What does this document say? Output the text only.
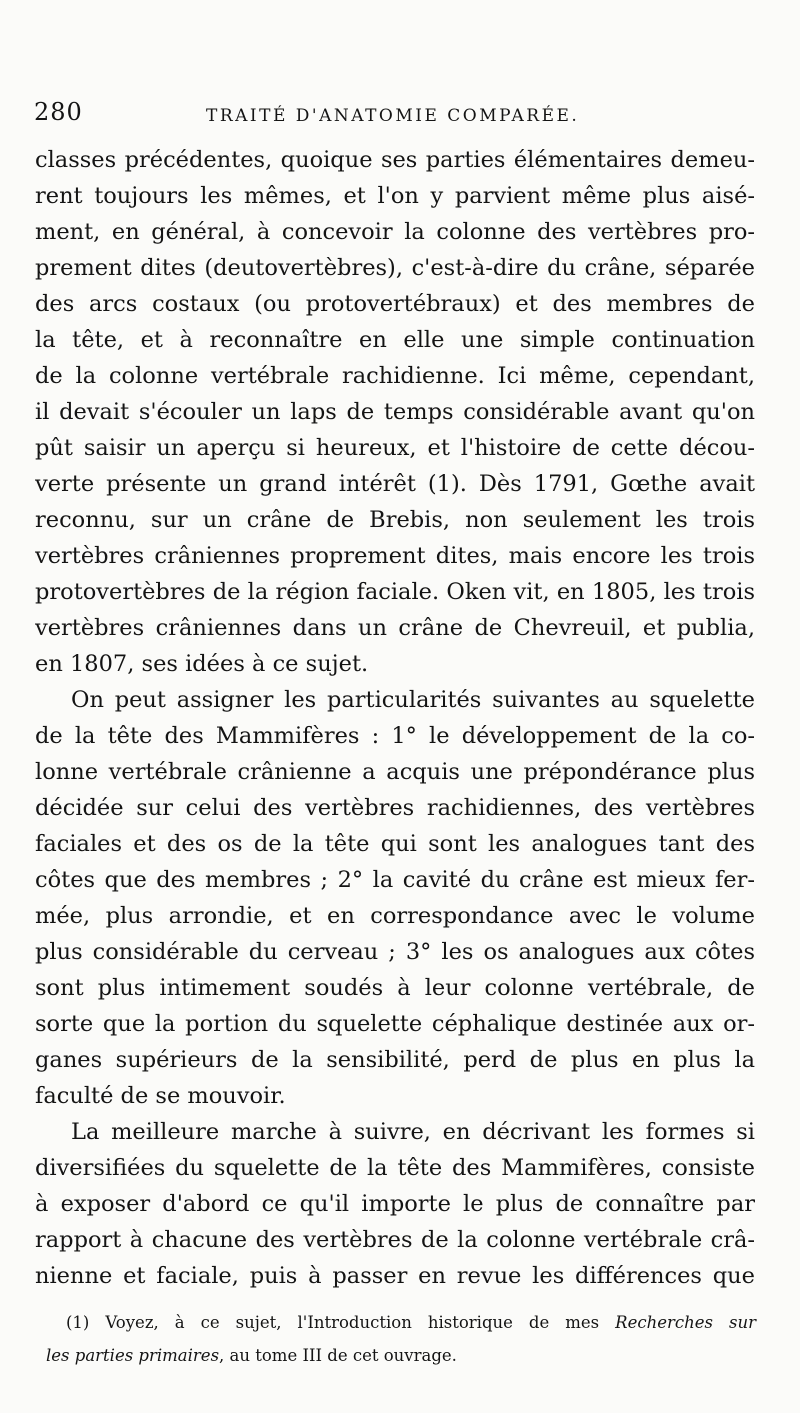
280	TRAITÉ D'ANATOMIE COMPARÉE.
classes précédentes, quoique ses parties élémentaires demeu-
rent toujours les mêmes, et l'on y parvient même plus aisé-
ment, en général, à concevoir la colonne des vertèbres pro-
prement dites (deutovertèbres), c'est-à-dire du crâne, séparée
des arcs costaux (ou protovertébraux) et des membres de
la tête, et à reconnaître en elle une simple continuation
de la colonne vertébrale rachidienne. Ici même, cependant,
il devait s'écouler un laps de temps considérable avant qu'on
pût saisir un aperçu si heureux, et l'histoire de cette décou-
verte présente un grand intérêt (1). Dès 1791, Gœthe avait
reconnu, sur un crâne de Brebis, non seulement les trois
vertèbres crâniennes proprement dites, mais encore les trois
protovertèbres de la région faciale. Oken vit, en 1805, les trois
vertèbres crâniennes dans un crâne de Chevreuil, et publia,
en 1807, ses idées à ce sujet.
On peut assigner les particularités suivantes au squelette
de la tête des Mammifères : 1° le développement de la co-
lonne vertébrale crânienne a acquis une prépondérance plus
décidée sur celui des vertèbres rachidiennes, des vertèbres
faciales et des os de la tête qui sont les analogues tant des
côtes que des membres ; 2° la cavité du crâne est mieux fer-
mée, plus arrondie, et en correspondance avec le volume
plus considérable du cerveau ; 3° les os analogues aux côtes
sont plus intimement soudés à leur colonne vertébrale, de
sorte que la portion du squelette céphalique destinée aux or-
ganes supérieurs de la sensibilité, perd de plus en plus la
faculté de se mouvoir.
La meilleure marche à suivre, en décrivant les formes si
diversifiées du squelette de la tête des Mammifères, consiste
à exposer d'abord ce qu'il importe le plus de connaître par
rapport à chacune des vertèbres de la colonne vertébrale crâ-
nienne et faciale, puis à passer en revue les différences que
(1) Voyez, à ce sujet, l'Introduction historique de mes Recherches sur
les parties primaires, au tome III de cet ouvrage.
